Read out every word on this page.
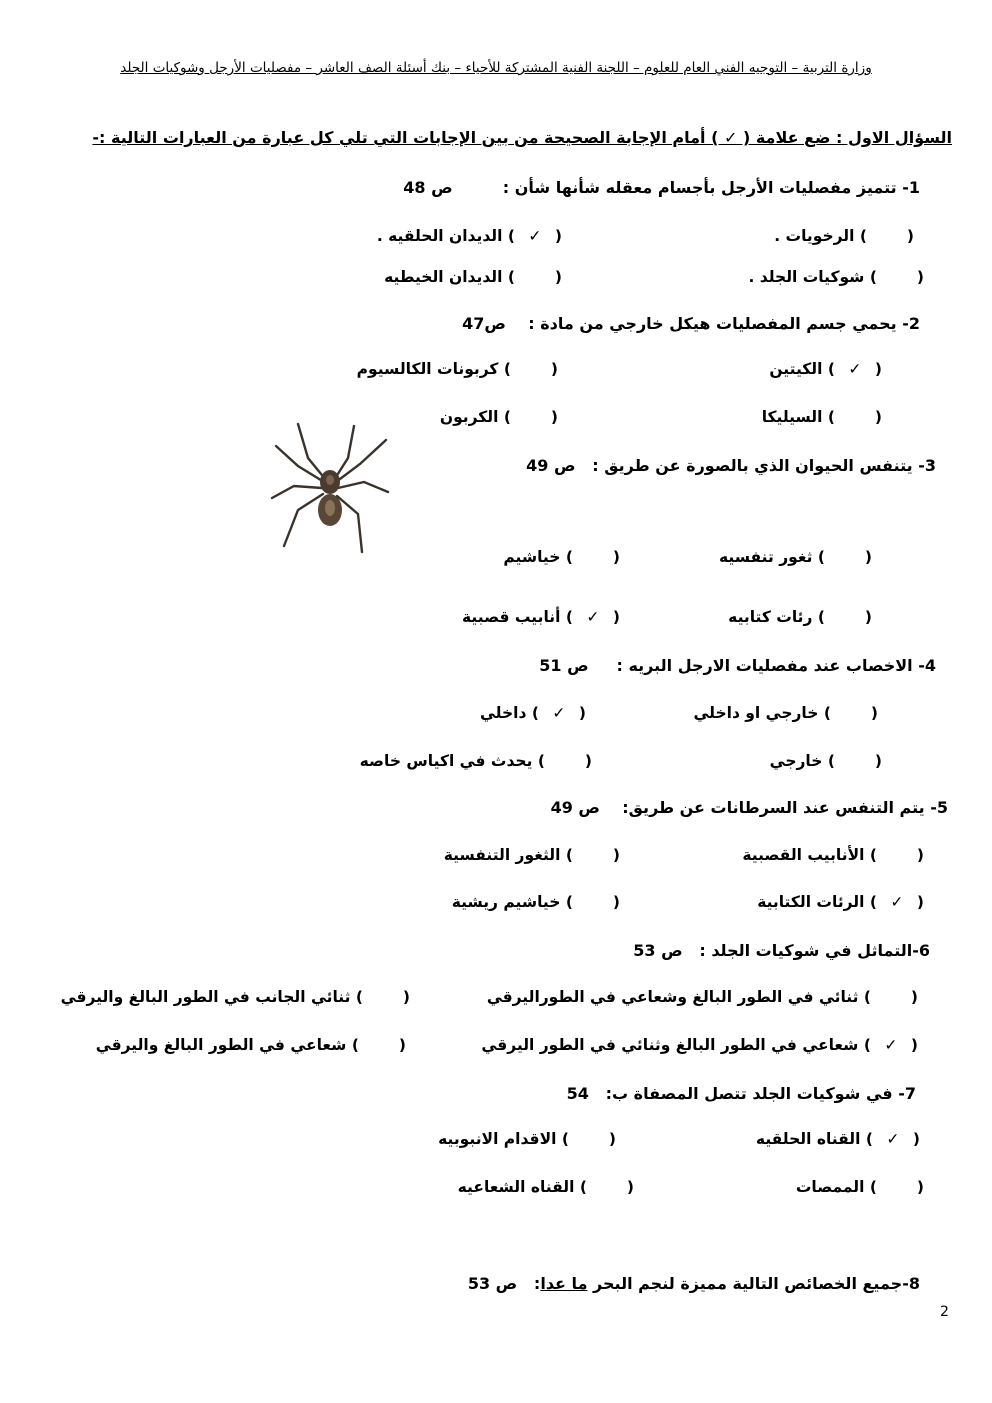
وزارة التربية – التوجيه الفني العام للعلوم – اللجنة الفنية المشتركة للأحياء – بنك أسئلة الصف العاشر – مفصليات الأرجل وشوكيات الجلد
السؤال الاول : ضع علامة ( ✓ ) أمام الإجابة الصحيحة من بين الإجابات التي تلي كل عبارة من العبارات التالية :-
1- تتميز مفصليات الأرجل بأجسام معقله شأنها شأن :         ص 48
() الرخويات .
(✓) الديدان الحلقيه .
() شوكيات الجلد .
() الديدان الخيطيه
2- يحمي جسم المفصليات هيكل خارجي من مادة :    ص47
(✓) الكيتين
() كربونات الكالسيوم
() السيليكا
() الكربون
3- يتنفس الحيوان الذي بالصورة عن طريق :   ص 49
() ثغور تنفسيه
() خياشيم
() رئات كتابيه
(✓) أنابيب قصبية
4- الاخصاب عند مفصليات الارجل البريه :     ص 51
() خارجي او داخلي
(✓) داخلي
() خارجي
() يحدث في اكياس خاصه
5- يتم التنفس عند السرطانات عن طريق:    ص 49
() الأنابيب القصبية
() الثغور التنفسية
(✓) الرئات الكتابية
() خياشيم ريشية
6-التماثل في شوكيات الجلد :   ص 53
() ثنائي في الطور البالغ وشعاعي في الطوراليرقي
() ثنائي الجانب في الطور البالغ واليرقي
(✓) شعاعي في الطور البالغ وثنائي في الطور اليرقي
() شعاعي في الطور البالغ واليرقي
7- في شوكيات الجلد تتصل المصفاة ب:   54
(✓) القناه الحلقيه
() الاقدام الانبوبيه
() الممصات
() القناه الشعاعيه
8-جميع الخصائص التالية مميزة لنجم البحر ما عدا:   ص 53
2
